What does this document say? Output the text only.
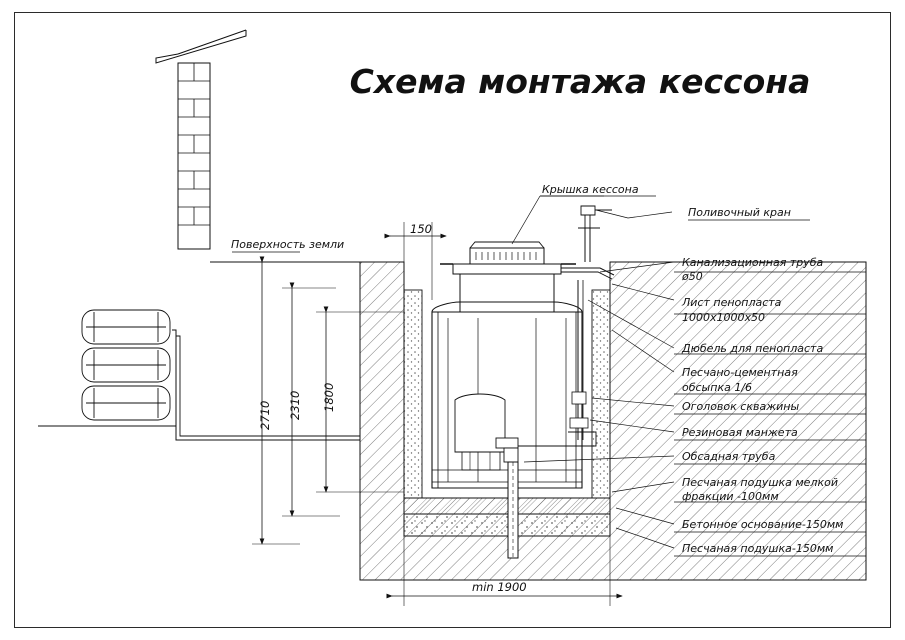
Схема монтажа кессона
Крышка кессона
Поливочный кран
Поверхность земли
Канализационная труба
ø50
Лист пенопласта
1000x1000x50
Дюбель для пенопласта
Песчано-цементная
обсыпка 1/6
Оголовок скважины
Резиновая манжета
Обсадная труба
Песчаная подушка мелкой
фракции -100мм
Бетонное основание-150мм
Песчаная подушка-150мм
150
2710 2310 1800
min 1900
